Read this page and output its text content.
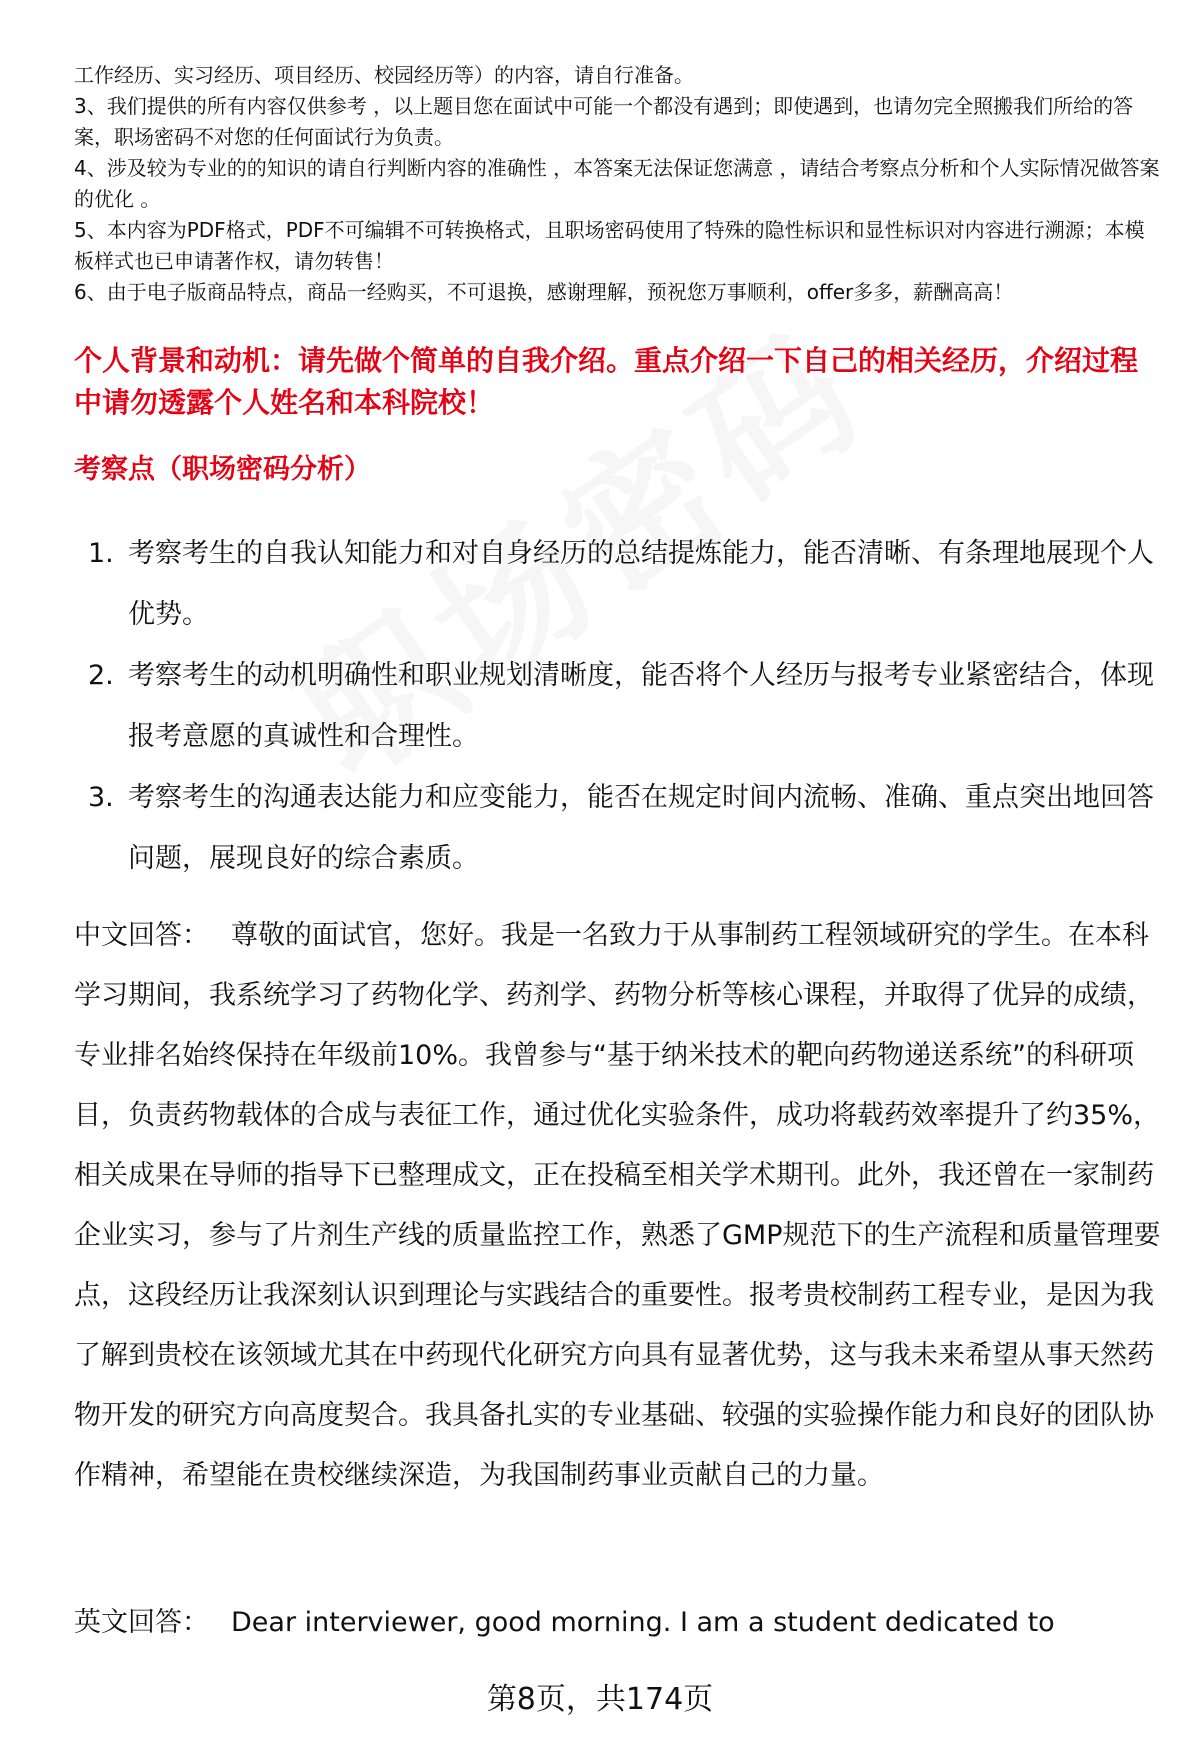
工作经历、实习经历、项目经历、校园经历等）的内容，请自行准备。

3、我们提供的所有内容仅供参考 ，以上题目您在面试中可能一个都没有遇到；即使遇到，也请勿完全照搬我们所给的答案，职场密码不对您的任何面试行为负责。

4、涉及较为专业的的知识的请自行判断内容的准确性 ，本答案无法保证您满意 ，请结合考察点分析和个人实际情况做答案的优化 。

5、本内容为PDF格式，PDF不可编辑不可转换格式，且职场密码使用了特殊的隐性标识和显性标识对内容进行溯源；本模板样式也已申请著作权，请勿转售！

6、由于电子版商品特点，商品一经购买，不可退换，感谢理解，预祝您万事顺利，offer多多，薪酬高高！

个人背景和动机：请先做个简单的自我介绍。重点介绍一下自己的相关经历，介绍过程中请勿透露个人姓名和本科院校！
考察点（职场密码分析）
1. 考察考生的自我认知能力和对自身经历的总结提炼能力，能否清晰、有条理地展现个人优势。
2. 考察考生的动机明确性和职业规划清晰度，能否将个人经历与报考专业紧密结合，体现报考意愿的真诚性和合理性。
3. 考察考生的沟通表达能力和应变能力，能否在规定时间内流畅、准确、重点突出地回答问题，展现良好的综合素质。

中文回答： 尊敬的面试官，您好。我是一名致力于从事制药工程领域研究的学生。在本科学习期间，我系统学习了药物化学、药剂学、药物分析等核心课程，并取得了优异的成绩，专业排名始终保持在年级前10%。我曾参与“基于纳米技术的靶向药物递送系统”的科研项目，负责药物载体的合成与表征工作，通过优化实验条件，成功将载药效率提升了约35%，相关成果在导师的指导下已整理成文，正在投稿至相关学术期刊。此外，我还曾在一家制药企业实习，参与了片剂生产线的质量监控工作，熟悉了GMP规范下的生产流程和质量管理要点，这段经历让我深刻认识到理论与实践结合的重要性。报考贵校制药工程专业，是因为我了解到贵校在该领域尤其在中药现代化研究方向具有显著优势，这与我未来希望从事天然药物开发的研究方向高度契合。我具备扎实的专业基础、较强的实验操作能力和良好的团队协作精神，希望能在贵校继续深造，为我国制药事业贡献自己的力量。

英文回答： Dear interviewer, good morning. I am a student dedicated to

第8页，共174页
